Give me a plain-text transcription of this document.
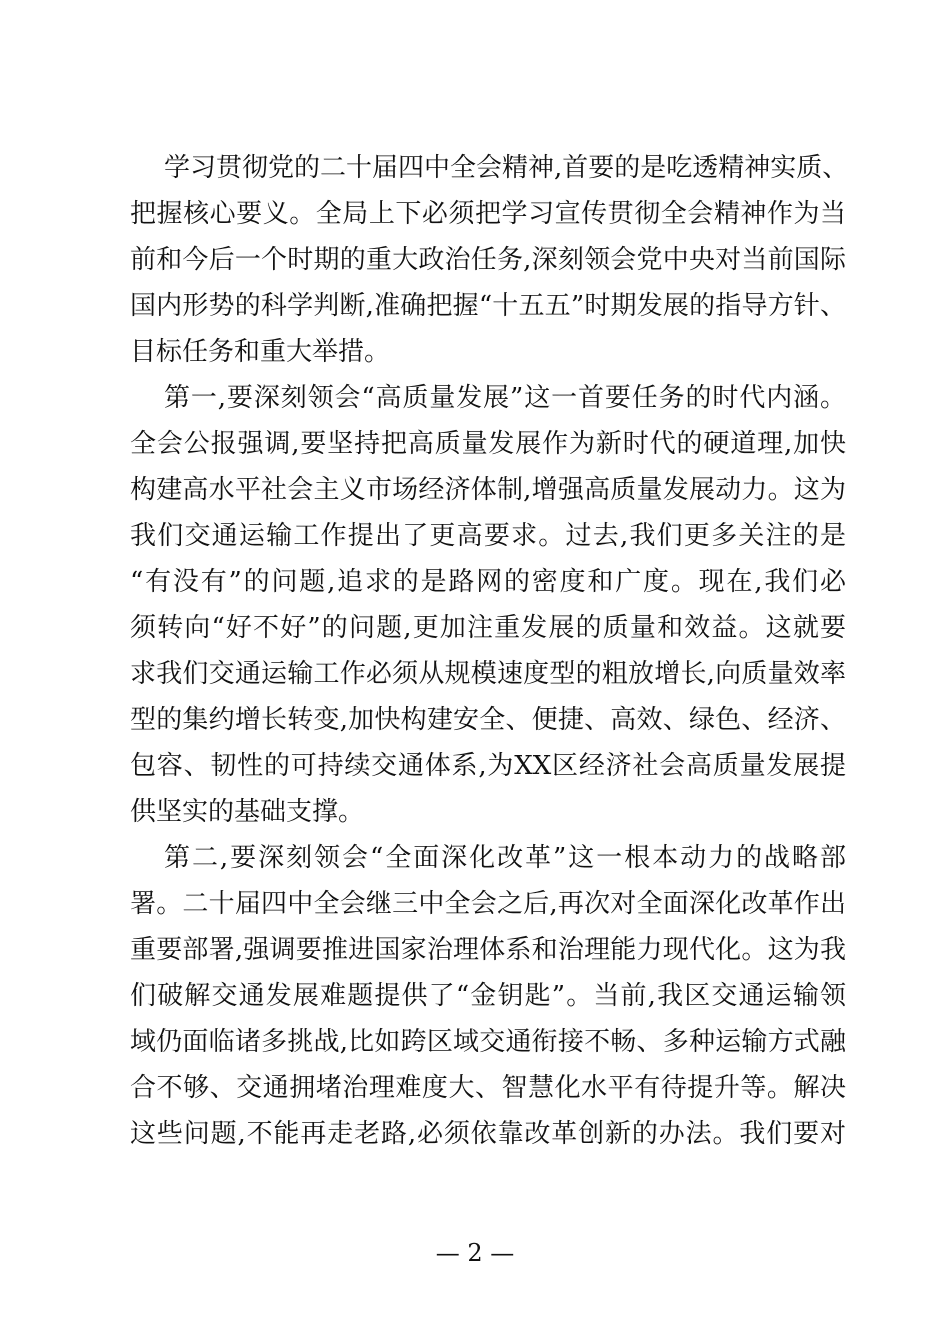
学习贯彻党的二十届四中全会精神,首要的是吃透精神实质、
把握核心要义。全局上下必须把学习宣传贯彻全会精神作为当
前和今后一个时期的重大政治任务,深刻领会党中央对当前国际
国内形势的科学判断,准确把握“十五五”时期发展的指导方针、
目标任务和重大举措。
第一,要深刻领会“高质量发展”这一首要任务的时代内涵。
全会公报强调,要坚持把高质量发展作为新时代的硬道理,加快
构建高水平社会主义市场经济体制,增强高质量发展动力。这为
我们交通运输工作提出了更高要求。过去,我们更多关注的是
“有没有”的问题,追求的是路网的密度和广度。现在,我们必
须转向“好不好”的问题,更加注重发展的质量和效益。这就要
求我们交通运输工作必须从规模速度型的粗放增长,向质量效率
型的集约增长转变,加快构建安全、便捷、高效、绿色、经济、
包容、韧性的可持续交通体系,为XX区经济社会高质量发展提
供坚实的基础支撑。
第二,要深刻领会“全面深化改革”这一根本动力的战略部
署。二十届四中全会继三中全会之后,再次对全面深化改革作出
重要部署,强调要推进国家治理体系和治理能力现代化。这为我
们破解交通发展难题提供了“金钥匙”。当前,我区交通运输领
域仍面临诸多挑战,比如跨区域交通衔接不畅、多种运输方式融
合不够、交通拥堵治理难度大、智慧化水平有待提升等。解决
这些问题,不能再走老路,必须依靠改革创新的办法。我们要对
— 2 —
